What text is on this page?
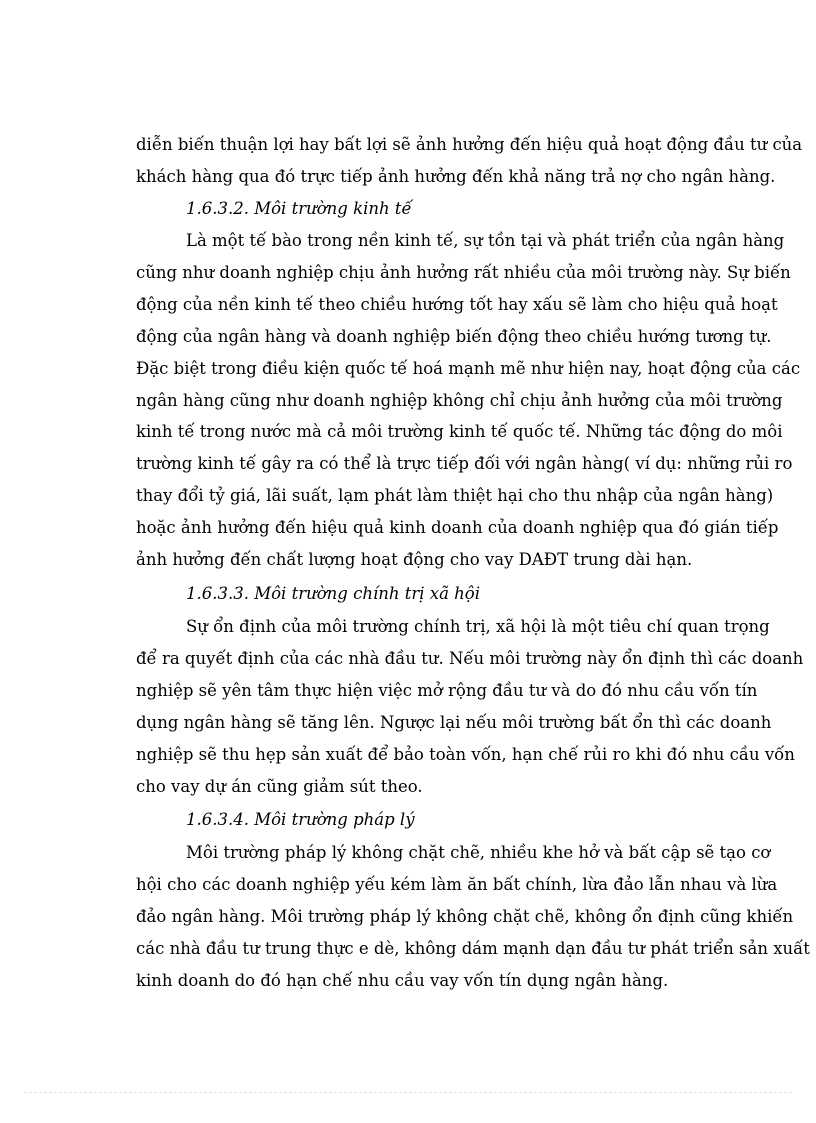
diễn biến thuận lợi hay bất lợi sẽ ảnh hưởng đến hiệu quả hoạt động đầu tư của
khách hàng qua đó trực tiếp ảnh hưởng đến khả năng trả nợ cho ngân hàng.
1.6.3.2. Môi trường kinh tế
Là một tế bào trong nền kinh tế, sự tồn tại và phát triển của ngân hàng
cũng như doanh nghiệp chịu ảnh hưởng rất nhiều của môi trường này. Sự biến
động của nền kinh tế theo chiều hướng tốt hay xấu sẽ làm cho hiệu quả hoạt
động của ngân hàng và doanh nghiệp biến động theo chiều hướng tương tự.
Đặc biệt trong điều kiện quốc tế hoá mạnh mẽ như hiện nay, hoạt động của các
ngân hàng cũng như doanh nghiệp không chỉ chịu ảnh hưởng của môi trường
kinh tế trong nước mà cả môi trường kinh tế quốc tế. Những tác động do môi
trường kinh tế gây ra có thể là trực tiếp đối với ngân hàng( ví dụ: những rủi ro
thay đổi tỷ giá, lãi suất, lạm phát làm thiệt hại cho thu nhập của ngân hàng)
hoặc ảnh hưởng đến hiệu quả kinh doanh của doanh nghiệp qua đó gián tiếp
ảnh hưởng đến chất lượng hoạt động cho vay DAĐT trung dài hạn.
1.6.3.3. Môi trường chính trị xã hội
Sự ổn định của môi trường chính trị, xã hội là một tiêu chí quan trọng
để ra quyết định của các nhà đầu tư. Nếu môi trường này ổn định thì các doanh
nghiệp sẽ yên tâm thực hiện việc mở rộng đầu tư và do đó nhu cầu vốn tín
dụng ngân hàng sẽ tăng lên. Ngược lại nếu môi trường bất ổn thì các doanh
nghiệp sẽ thu hẹp sản xuất để bảo toàn vốn, hạn chế rủi ro khi đó nhu cầu vốn
cho vay dự án cũng giảm sút theo.
1.6.3.4. Môi trường pháp lý
Môi trường pháp lý không chặt chẽ, nhiều khe hở và bất cập sẽ tạo cơ
hội cho các doanh nghiệp yếu kém làm ăn bất chính, lừa đảo lẫn nhau và lừa
đảo ngân hàng. Môi trường pháp lý không chặt chẽ, không ổn định cũng khiến
các nhà đầu tư trung thực e dè, không dám mạnh dạn đầu tư phát triển sản xuất
kinh doanh do đó hạn chế nhu cầu vay vốn tín dụng ngân hàng.
